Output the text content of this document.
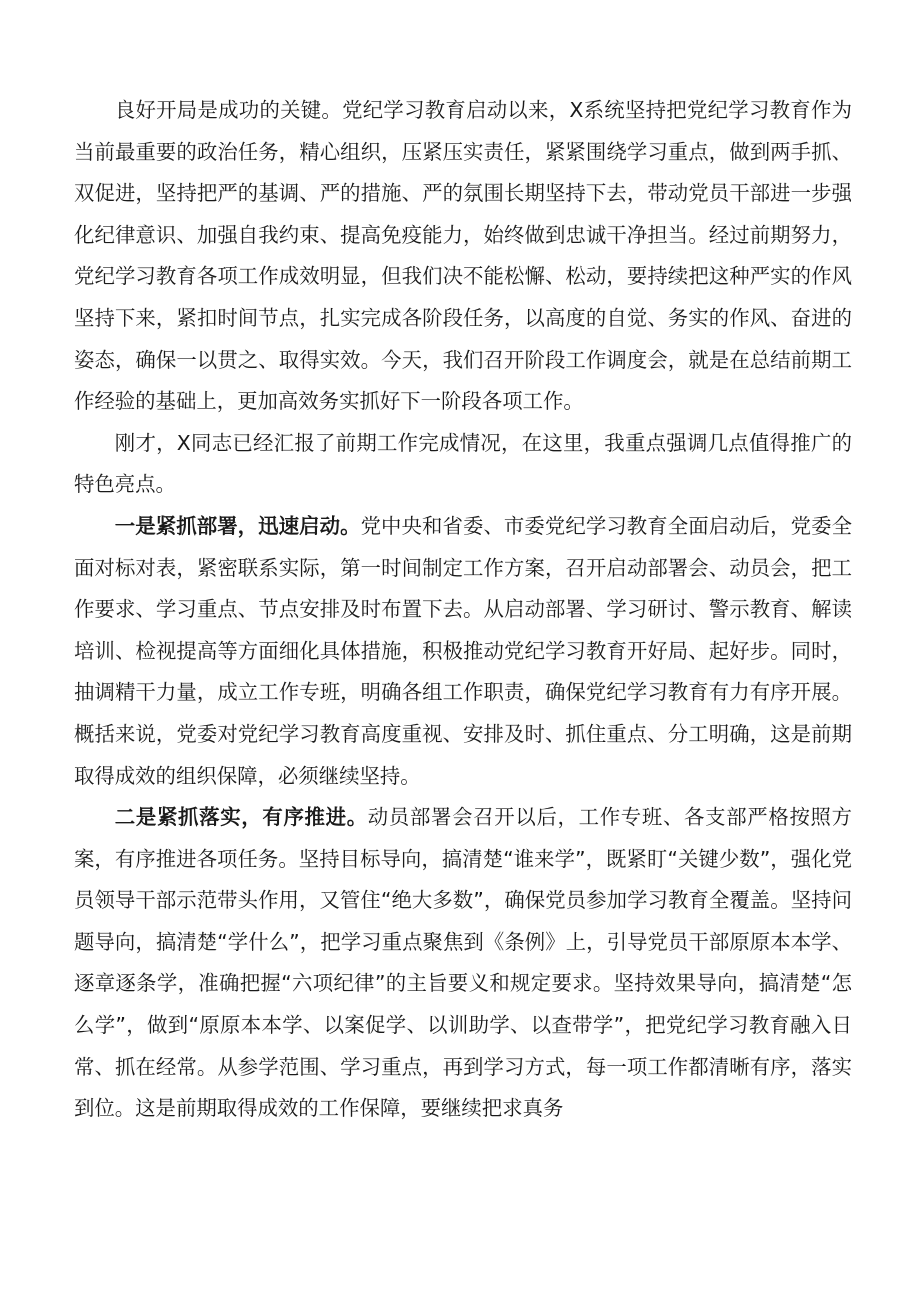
良好开局是成功的关键。党纪学习教育启动以来，X系统坚持把党纪学习教育作为当前最重要的政治任务，精心组织，压紧压实责任，紧紧围绕学习重点，做到两手抓、双促进，坚持把严的基调、严的措施、严的氛围长期坚持下去，带动党员干部进一步强化纪律意识、加强自我约束、提高免疫能力，始终做到忠诚干净担当。经过前期努力，党纪学习教育各项工作成效明显，但我们决不能松懈、松动，要持续把这种严实的作风坚持下来，紧扣时间节点，扎实完成各阶段任务，以高度的自觉、务实的作风、奋进的姿态，确保一以贯之、取得实效。今天，我们召开阶段工作调度会，就是在总结前期工作经验的基础上，更加高效务实抓好下一阶段各项工作。

刚才，X同志已经汇报了前期工作完成情况，在这里，我重点强调几点值得推广的特色亮点。

一是紧抓部署，迅速启动。党中央和省委、市委党纪学习教育全面启动后，党委全面对标对表，紧密联系实际，第一时间制定工作方案，召开启动部署会、动员会，把工作要求、学习重点、节点安排及时布置下去。从启动部署、学习研讨、警示教育、解读培训、检视提高等方面细化具体措施，积极推动党纪学习教育开好局、起好步。同时，抽调精干力量，成立工作专班，明确各组工作职责，确保党纪学习教育有力有序开展。概括来说，党委对党纪学习教育高度重视、安排及时、抓住重点、分工明确，这是前期取得成效的组织保障，必须继续坚持。

二是紧抓落实，有序推进。动员部署会召开以后，工作专班、各支部严格按照方案，有序推进各项任务。坚持目标导向，搞清楚“谁来学”，既紧盯“关键少数”，强化党员领导干部示范带头作用，又管住“绝大多数”，确保党员参加学习教育全覆盖。坚持问题导向，搞清楚“学什么”，把学习重点聚焦到《条例》上，引导党员干部原原本本学、逐章逐条学，准确把握“六项纪律”的主旨要义和规定要求。坚持效果导向，搞清楚“怎么学”，做到“原原本本学、以案促学、以训助学、以查带学”，把党纪学习教育融入日常、抓在经常。从参学范围、学习重点，再到学习方式，每一项工作都清晰有序，落实到位。这是前期取得成效的工作保障，要继续把求真务
